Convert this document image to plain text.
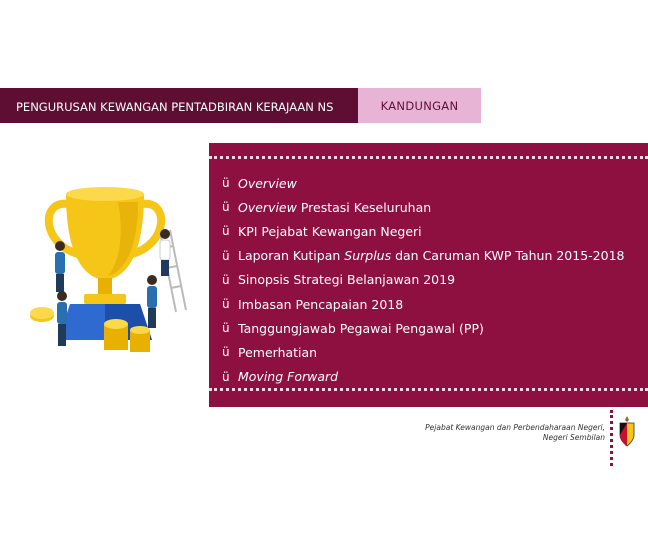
PENGURUSAN KEWANGAN PENTADBIRAN KERAJAAN NS	KANDUNGAN
ü Overview
ü Overview Prestasi Keseluruhan
ü KPI Pejabat Kewangan Negeri
ü Laporan Kutipan Surplus dan Caruman KWP Tahun 2015-2018
ü Sinopsis Strategi Belanjawan 2019
ü Imbasan Pencapaian 2018
ü Tanggungjawab Pegawai Pengawal (PP)
ü Pemerhatian
ü Moving Forward
Pejabat Kewangan dan Perbendaharaan Negeri,
Negeri Sembilan
